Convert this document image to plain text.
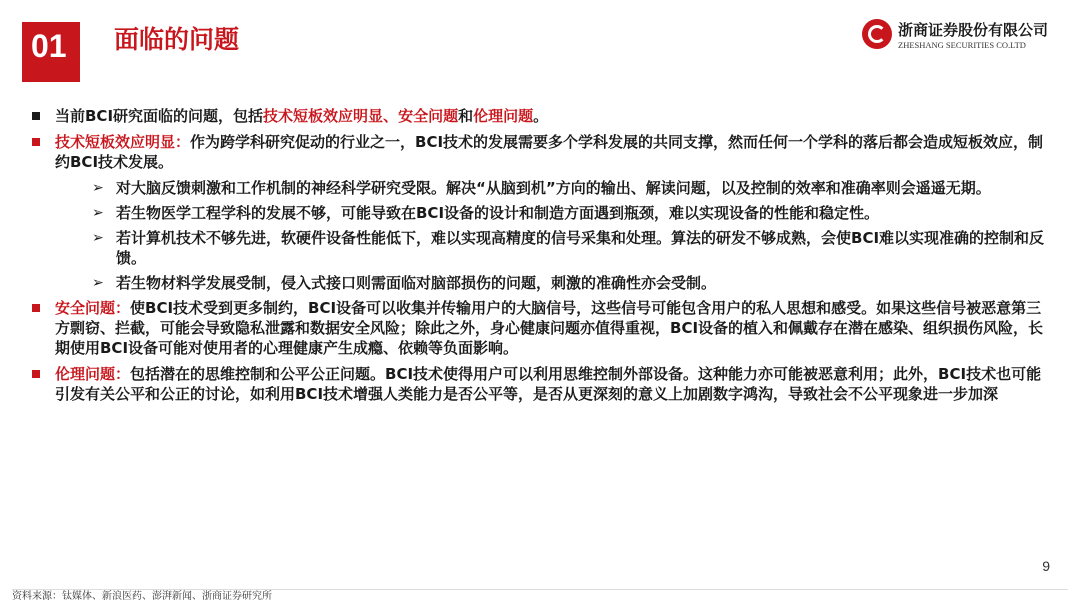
01	面临的问题	浙商证券股份有限公司
ZHESHANG SECURITIES CO.LTD
当前BCI研究面临的问题，包括技术短板效应明显、安全问题和伦理问题。
技术短板效应明显：作为跨学科研究促动的行业之一，BCI技术的发展需要多个学科发展的共同支撑，然而任何一个学科的落后都会造成短板效应，制约BCI技术发展。
➢ 对大脑反馈刺激和工作机制的神经科学研究受限。解决“从脑到机”方向的输出、解读问题，以及控制的效率和准确率则会遥遥无期。
➢ 若生物医学工程学科的发展不够，可能导致在BCI设备的设计和制造方面遇到瓶颈，难以实现设备的性能和稳定性。
➢ 若计算机技术不够先进，软硬件设备性能低下，难以实现高精度的信号采集和处理。算法的研发不够成熟，会使BCI难以实现准确的控制和反馈。
➢ 若生物材料学发展受制，侵入式接口则需面临对脑部损伤的问题，刺激的准确性亦会受制。
安全问题：使BCI技术受到更多制约，BCI设备可以收集并传输用户的大脑信号，这些信号可能包含用户的私人思想和感受。如果这些信号被恶意第三方剽窃、拦截，可能会导致隐私泄露和数据安全风险；除此之外，身心健康问题亦值得重视，BCI设备的植入和佩戴存在潜在感染、组织损伤风险，长期使用BCI设备可能对使用者的心理健康产生成瘾、依赖等负面影响。
伦理问题：包括潜在的思维控制和公平公正问题。BCI技术使得用户可以利用思维控制外部设备。这种能力亦可能被恶意利用；此外，BCI技术也可能引发有关公平和公正的讨论，如利用BCI技术增强人类能力是否公平等，是否从更深刻的意义上加剧数字鸿沟，导致社会不公平现象进一步加深
9
资料来源：钛媒体、新浪医药、澎湃新闻、浙商证券研究所
